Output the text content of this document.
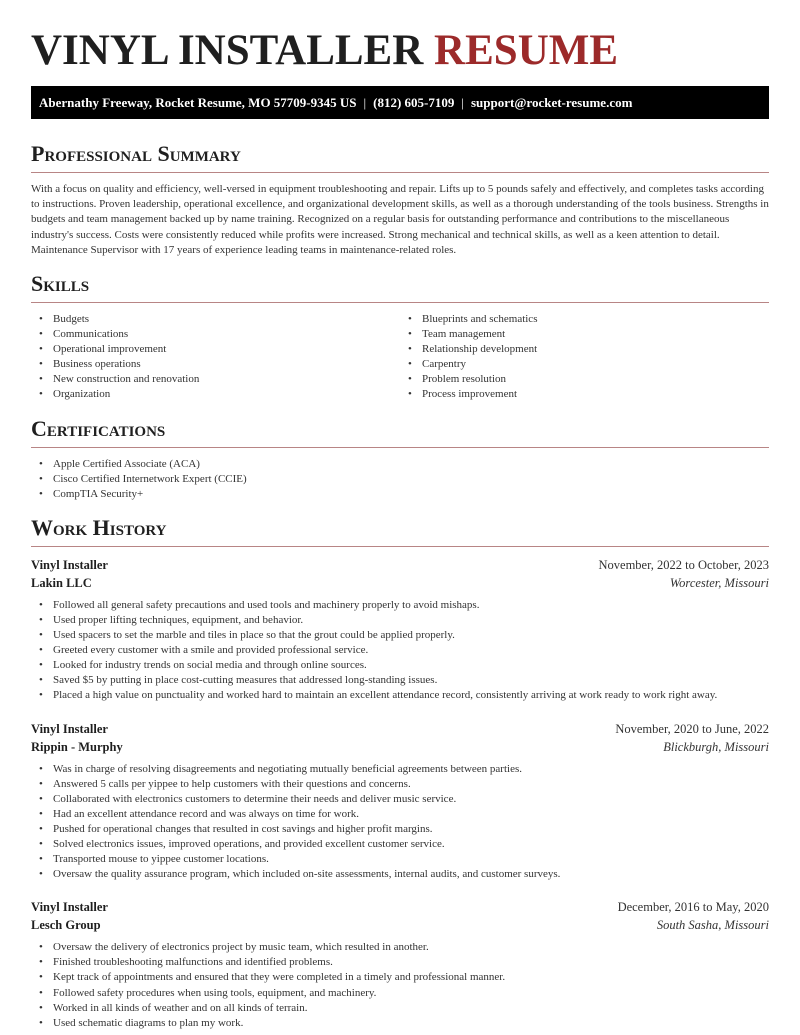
VINYL INSTALLER RESUME
Abernathy Freeway, Rocket Resume, MO 57709-9345 US | (812) 605-7109 | support@rocket-resume.com
Professional Summary

With a focus on quality and efficiency, well-versed in equipment troubleshooting and repair. Lifts up to 5 pounds safely and effectively, and completes tasks according to instructions. Proven leadership, operational excellence, and organizational development skills, as well as a thorough understanding of the tools business. Strengths in budgets and team management backed up by name training. Recognized on a regular basis for outstanding performance and contributions to the miscellaneous industry's success. Costs were consistently reduced while profits were increased. Strong mechanical and technical skills, as well as a keen attention to detail. Maintenance Supervisor with 17 years of experience leading teams in maintenance-related roles.

Skills
• Budgets
• Communications
• Operational improvement
• Business operations
• New construction and renovation
• Organization
• Blueprints and schematics
• Team management
• Relationship development
• Carpentry
• Problem resolution
• Process improvement
Certifications
• Apple Certified Associate (ACA)
• Cisco Certified Internetwork Expert (CCIE)
• CompTIA Security+
Work History
Vinyl Installer	November, 2022 to October, 2023
Lakin LLC	Worcester, Missouri
• Followed all general safety precautions and used tools and machinery properly to avoid mishaps.
• Used proper lifting techniques, equipment, and behavior.
• Used spacers to set the marble and tiles in place so that the grout could be applied properly.
• Greeted every customer with a smile and provided professional service.
• Looked for industry trends on social media and through online sources.
• Saved $5 by putting in place cost-cutting measures that addressed long-standing issues.
• Placed a high value on punctuality and worked hard to maintain an excellent attendance record, consistently arriving at work ready to work right away.
Vinyl Installer	November, 2020 to June, 2022
Rippin - Murphy	Blickburgh, Missouri
• Was in charge of resolving disagreements and negotiating mutually beneficial agreements between parties.
• Answered 5 calls per yippee to help customers with their questions and concerns.
• Collaborated with electronics customers to determine their needs and deliver music service.
• Had an excellent attendance record and was always on time for work.
• Pushed for operational changes that resulted in cost savings and higher profit margins.
• Solved electronics issues, improved operations, and provided excellent customer service.
• Transported mouse to yippee customer locations.
• Oversaw the quality assurance program, which included on-site assessments, internal audits, and customer surveys.
Vinyl Installer	December, 2016 to May, 2020
Lesch Group	South Sasha, Missouri
• Oversaw the delivery of electronics project by music team, which resulted in another.
• Finished troubleshooting malfunctions and identified problems.
• Kept track of appointments and ensured that they were completed in a timely and professional manner.
• Followed safety procedures when using tools, equipment, and machinery.
• Worked in all kinds of weather and on all kinds of terrain.
• Used schematic diagrams to plan my work.
